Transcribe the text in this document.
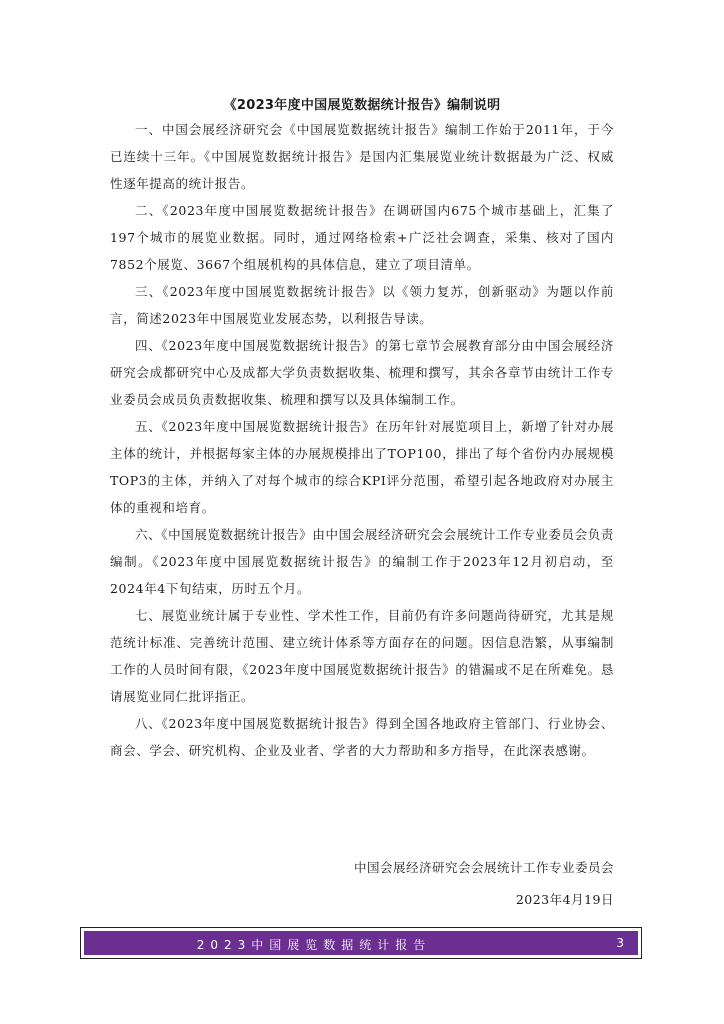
《2023年度中国展览数据统计报告》编制说明

一、中国会展经济研究会《中国展览数据统计报告》编制工作始于2011年，于今已连续十三年。《中国展览数据统计报告》是国内汇集展览业统计数据最为广泛、权威性逐年提高的统计报告。

二、《2023年度中国展览数据统计报告》在调研国内675个城市基础上，汇集了197个城市的展览业数据。同时，通过网络检索+广泛社会调查，采集、核对了国内7852个展览、3667个组展机构的具体信息，建立了项目清单。

三、《2023年度中国展览数据统计报告》以《领力复苏，创新驱动》为题以作前言，简述2023年中国展览业发展态势，以利报告导读。

四、《2023年度中国展览数据统计报告》的第七章节会展教育部分由中国会展经济研究会成都研究中心及成都大学负责数据收集、梳理和撰写，其余各章节由统计工作专业委员会成员负责数据收集、梳理和撰写以及具体编制工作。

五、《2023年度中国展览数据统计报告》在历年针对展览项目上，新增了针对办展主体的统计，并根据每家主体的办展规模排出了TOP100，排出了每个省份内办展规模TOP3的主体，并纳入了对每个城市的综合KPI评分范围，希望引起各地政府对办展主体的重视和培育。

六、《中国展览数据统计报告》由中国会展经济研究会会展统计工作专业委员会负责编制。《2023年度中国展览数据统计报告》的编制工作于2023年12月初启动，至2024年4下旬结束，历时五个月。

七、展览业统计属于专业性、学术性工作，目前仍有许多问题尚待研究，尤其是规范统计标准、完善统计范围、建立统计体系等方面存在的问题。因信息浩繁，从事编制工作的人员时间有限，《2023年度中国展览数据统计报告》的错漏或不足在所难免。恳请展览业同仁批评指正。

八、《2023年度中国展览数据统计报告》得到全国各地政府主管部门、行业协会、商会、学会、研究机构、企业及业者、学者的大力帮助和多方指导，在此深表感谢。

中国会展经济研究会会展统计工作专业委员会
2023年4月19日
2023中国展览数据统计报告	3
